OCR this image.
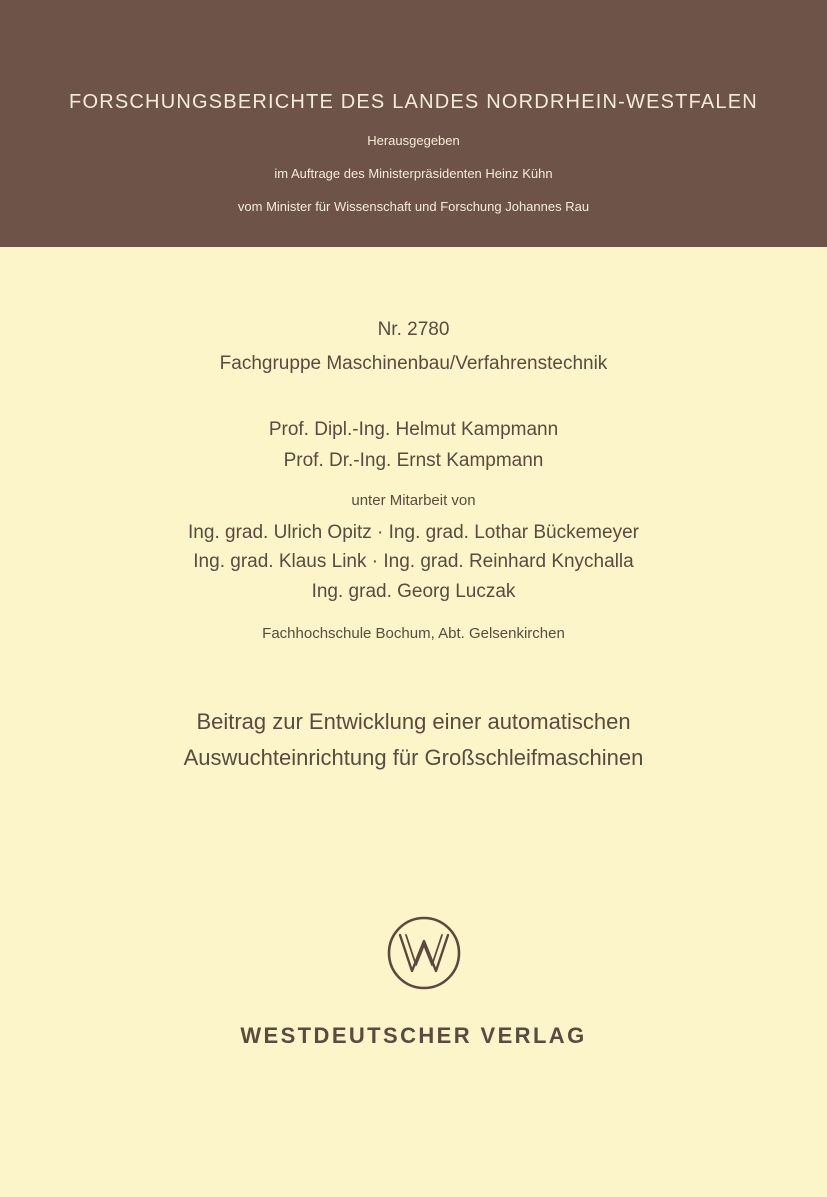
FORSCHUNGSBERICHTE DES LANDES NORDRHEIN-WESTFALEN
Herausgegeben
im Auftrage des Ministerpräsidenten Heinz Kühn
vom Minister für Wissenschaft und Forschung Johannes Rau
Nr. 2780
Fachgruppe Maschinenbau/Verfahrenstechnik
Prof. Dipl.-Ing. Helmut Kampmann
Prof. Dr.-Ing. Ernst Kampmann
unter Mitarbeit von
Ing. grad. Ulrich Opitz · Ing. grad. Lothar Bückemeyer
Ing. grad. Klaus Link · Ing. grad. Reinhard Knychalla
Ing. grad. Georg Luczak
Fachhochschule Bochum, Abt. Gelsenkirchen
Beitrag zur Entwicklung einer automatischen
Auswuchteinrichtung für Großschleifmaschinen
WESTDEUTSCHER VERLAG
